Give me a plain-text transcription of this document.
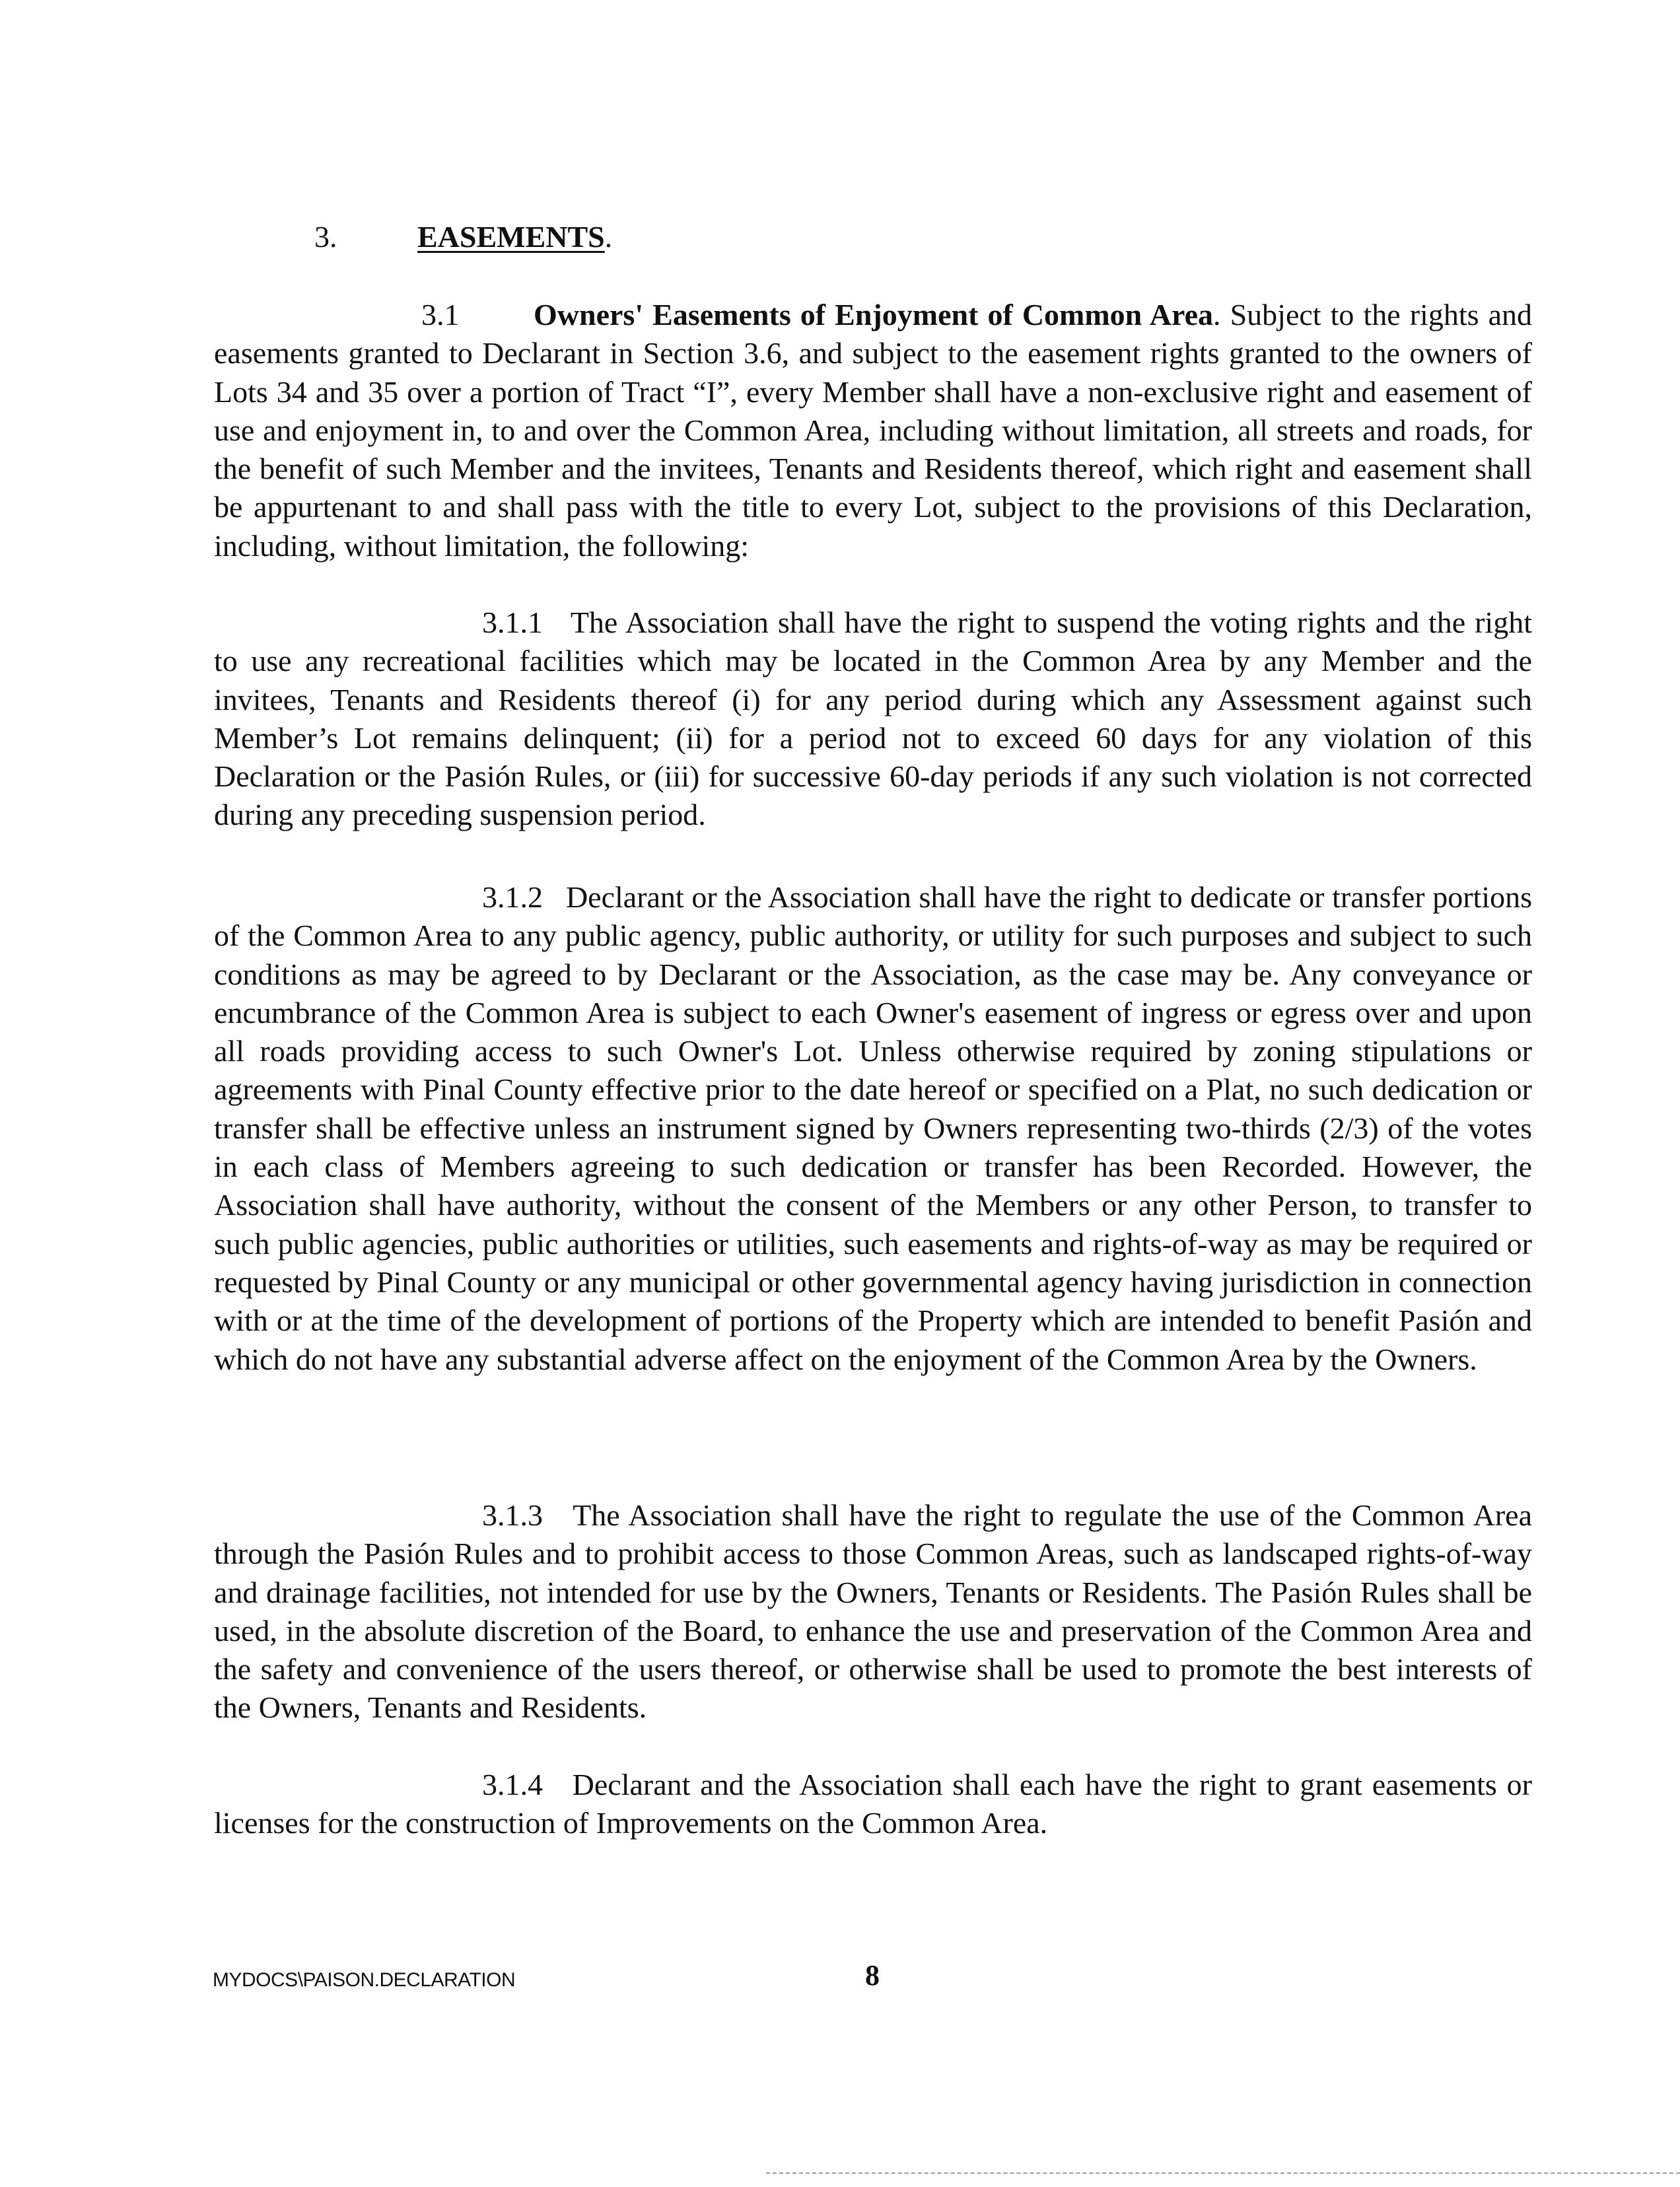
3.	EASEMENTS.

3.1 Owners' Easements of Enjoyment of Common Area. Subject to the rights and easements granted to Declarant in Section 3.6, and subject to the easement rights granted to the owners of Lots 34 and 35 over a portion of Tract “I”, every Member shall have a non-exclusive right and easement of use and enjoyment in, to and over the Common Area, including without limitation, all streets and roads, for the benefit of such Member and the invitees, Tenants and Residents thereof, which right and easement shall be appurtenant to and shall pass with the title to every Lot, subject to the provisions of this Declaration, including, without limitation, the following:

3.1.1 The Association shall have the right to suspend the voting rights and the right to use any recreational facilities which may be located in the Common Area by any Member and the invitees, Tenants and Residents thereof (i) for any period during which any Assessment against such Member’s Lot remains delinquent; (ii) for a period not to exceed 60 days for any violation of this Declaration or the Pasión Rules, or (iii) for successive 60-day periods if any such violation is not corrected during any preceding suspension period.

3.1.2 Declarant or the Association shall have the right to dedicate or transfer portions of the Common Area to any public agency, public authority, or utility for such purposes and subject to such conditions as may be agreed to by Declarant or the Association, as the case may be. Any conveyance or encumbrance of the Common Area is subject to each Owner's easement of ingress or egress over and upon all roads providing access to such Owner's Lot. Unless otherwise required by zoning stipulations or agreements with Pinal County effective prior to the date hereof or specified on a Plat, no such dedication or transfer shall be effective unless an instrument signed by Owners representing two-thirds (2/3) of the votes in each class of Members agreeing to such dedication or transfer has been Recorded. However, the Association shall have authority, without the consent of the Members or any other Person, to transfer to such public agencies, public authorities or utilities, such easements and rights-of-way as may be required or requested by Pinal County or any municipal or other governmental agency having jurisdiction in connection with or at the time of the development of portions of the Property which are intended to benefit Pasión and which do not have any substantial adverse affect on the enjoyment of the Common Area by the Owners.

3.1.3 The Association shall have the right to regulate the use of the Common Area through the Pasión Rules and to prohibit access to those Common Areas, such as landscaped rights-of-way and drainage facilities, not intended for use by the Owners, Tenants or Residents. The Pasión Rules shall be used, in the absolute discretion of the Board, to enhance the use and preservation of the Common Area and the safety and convenience of the users thereof, or otherwise shall be used to promote the best interests of the Owners, Tenants and Residents.

3.1.4 Declarant and the Association shall each have the right to grant easements or licenses for the construction of Improvements on the Common Area.

MYDOCS\PAISON.DECLARATION	8
